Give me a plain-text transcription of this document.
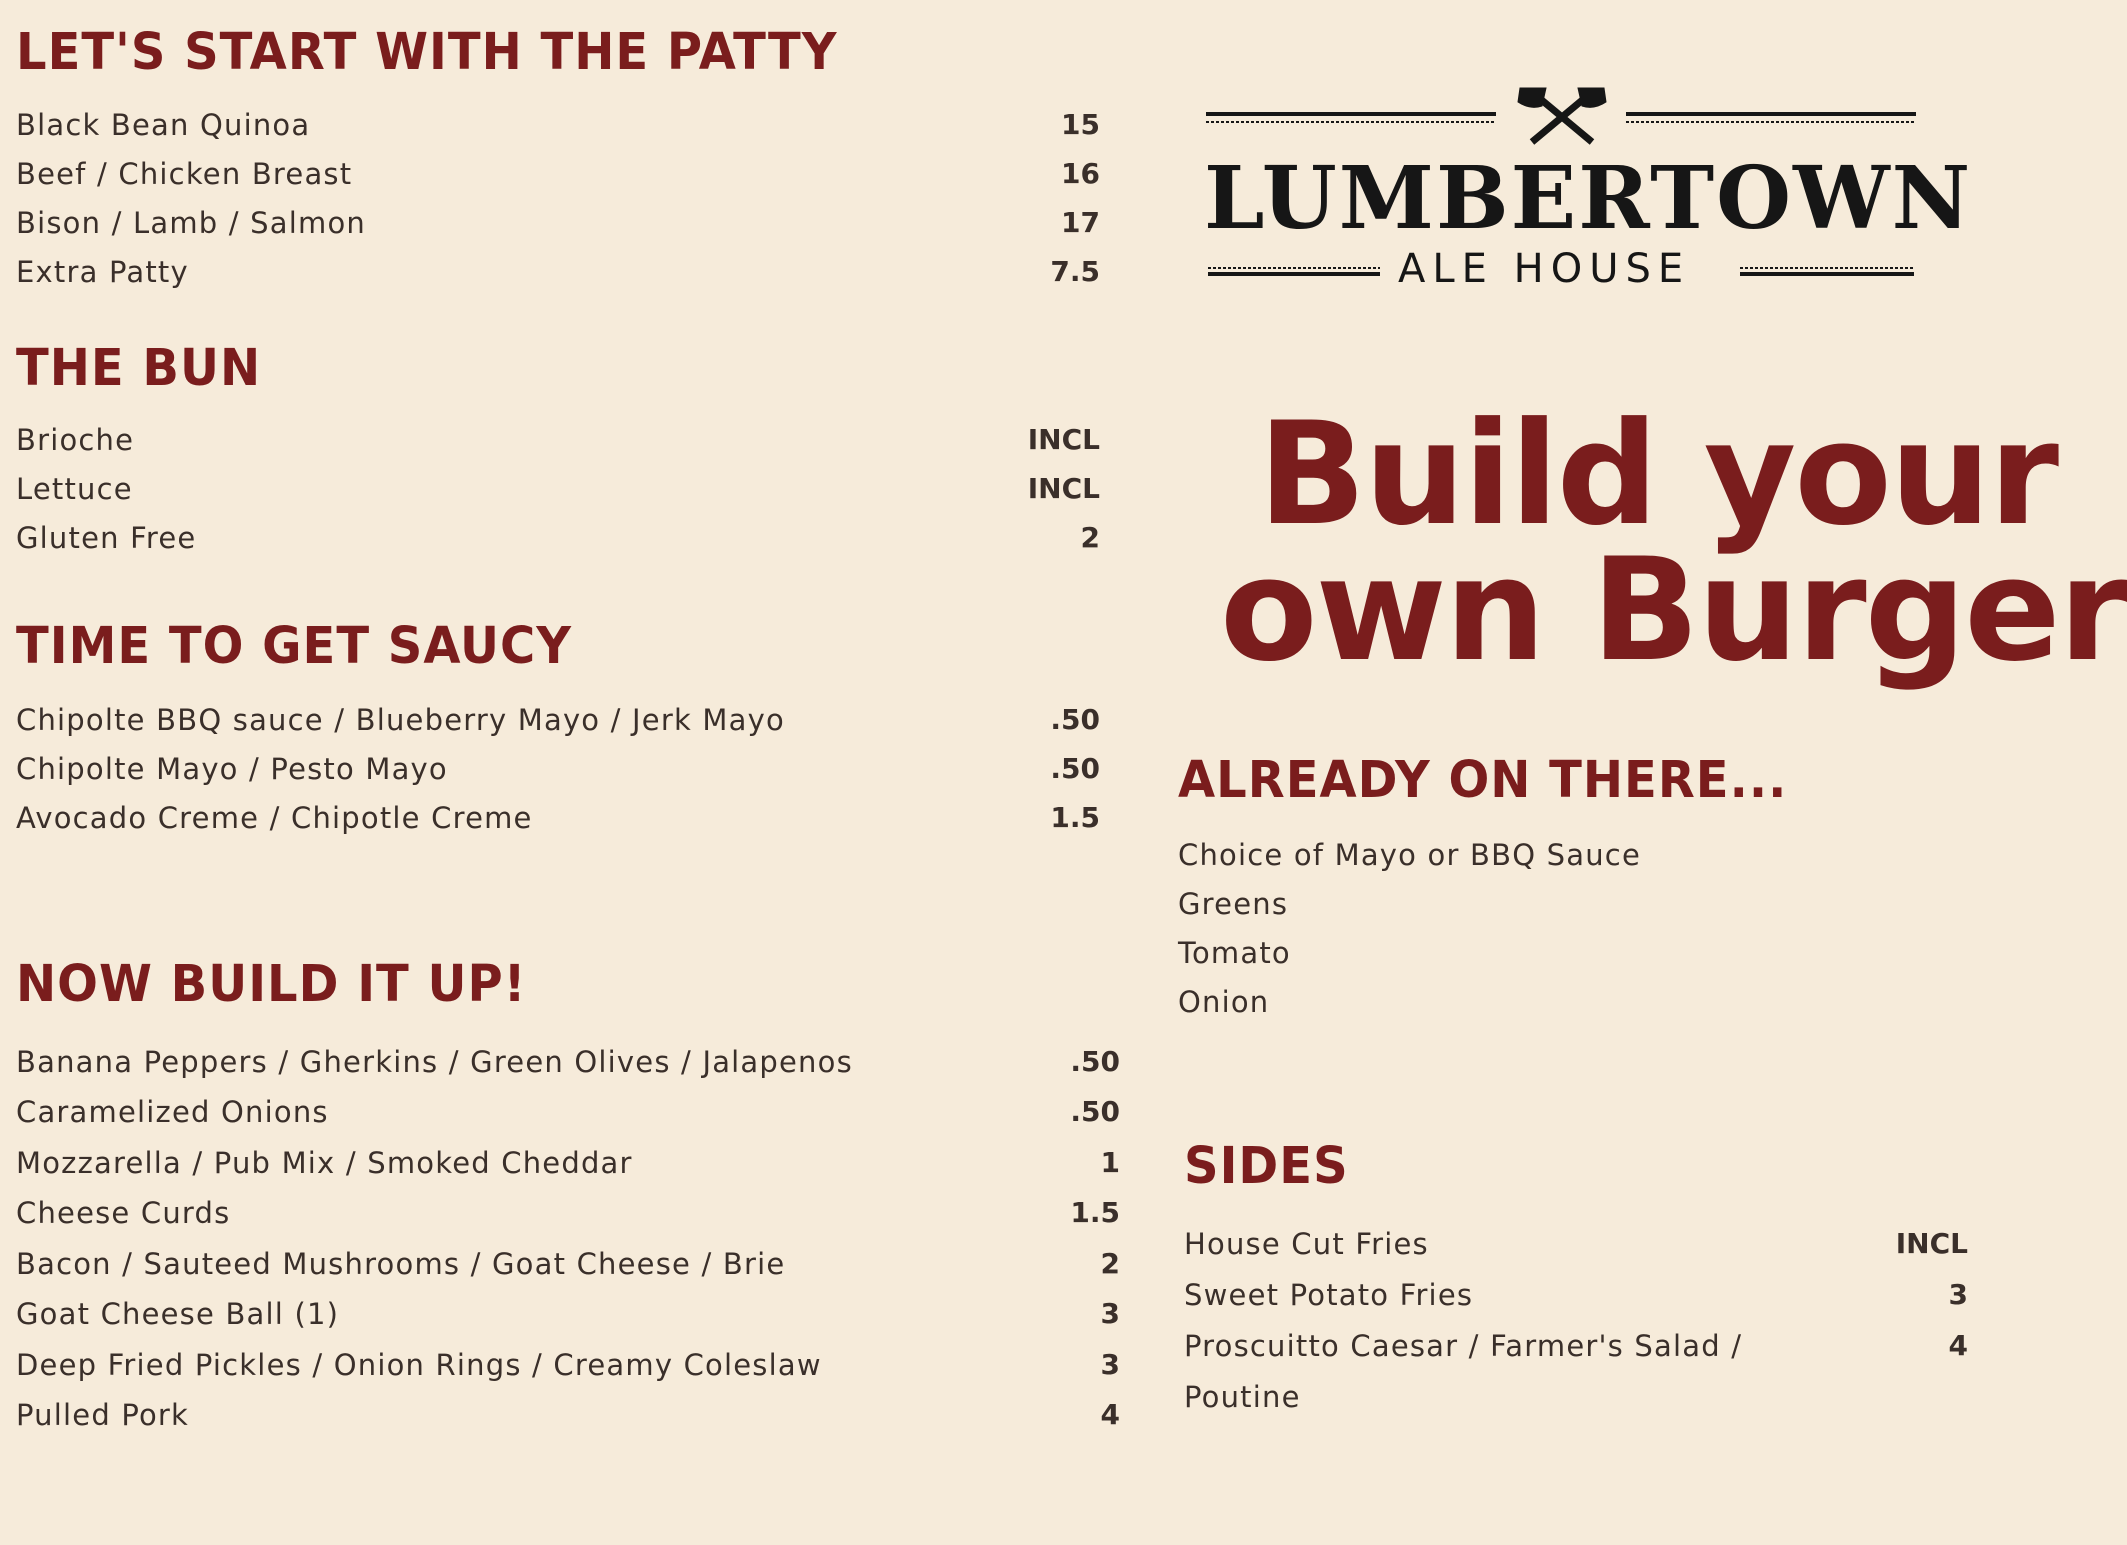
LET'S START WITH THE PATTY
Black Bean Quinoa	15
Beef / Chicken Breast	16
Bison / Lamb / Salmon	17
Extra Patty	7.5
THE BUN
Brioche	INCL
Lettuce	INCL
Gluten Free	2
TIME TO GET SAUCY
Chipolte BBQ sauce / Blueberry Mayo / Jerk Mayo	.50
Chipolte Mayo / Pesto Mayo	.50
Avocado Creme / Chipotle Creme	1.5
NOW BUILD IT UP!
Banana Peppers / Gherkins / Green Olives / Jalapenos	.50
Caramelized Onions	.50
Mozzarella / Pub Mix / Smoked Cheddar	1
Cheese Curds	1.5
Bacon / Sauteed Mushrooms / Goat Cheese / Brie	2
Goat Cheese Ball (1)	3
Deep Fried Pickles / Onion Rings / Creamy Coleslaw	3
Pulled Pork	4
LUMBERTOWN
ALE HOUSE
Build your
own Burger
ALREADY ON THERE...
Choice of Mayo or BBQ Sauce
Greens
Tomato
Onion
SIDES
House Cut Fries	INCL
Sweet Potato Fries	3
Proscuitto Caesar / Farmer's Salad /	4
Poutine
